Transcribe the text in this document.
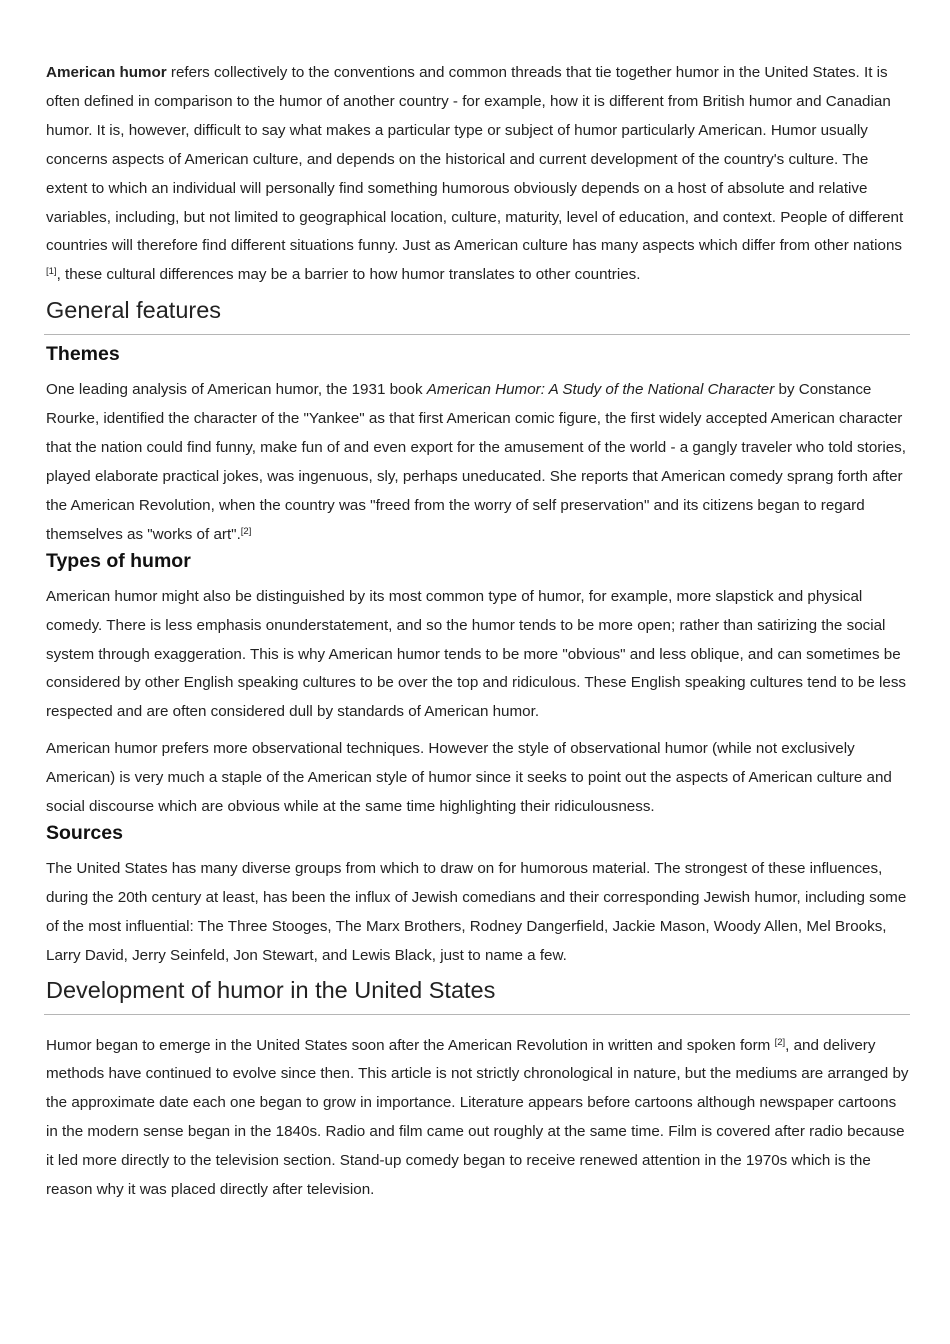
American humor refers collectively to the conventions and common threads that tie together humor in the United States. It is often defined in comparison to the humor of another country - for example, how it is different from British humor and Canadian humor. It is, however, difficult to say what makes a particular type or subject of humor particularly American. Humor usually concerns aspects of American culture, and depends on the historical and current development of the country's culture. The extent to which an individual will personally find something humorous obviously depends on a host of absolute and relative variables, including, but not limited to geographical location, culture, maturity, level of education, and context. People of different countries will therefore find different situations funny. Just as American culture has many aspects which differ from other nations [1], these cultural differences may be a barrier to how humor translates to other countries.

General features
Themes

One leading analysis of American humor, the 1931 book American Humor: A Study of the National Character by Constance Rourke, identified the character of the "Yankee" as that first American comic figure, the first widely accepted American character that the nation could find funny, make fun of and even export for the amusement of the world - a gangly traveler who told stories, played elaborate practical jokes, was ingenuous, sly, perhaps uneducated. She reports that American comedy sprang forth after the American Revolution, when the country was "freed from the worry of self preservation" and its citizens began to regard themselves as "works of art".[2]

Types of humor

American humor might also be distinguished by its most common type of humor, for example, more slapstick and physical comedy. There is less emphasis onunderstatement, and so the humor tends to be more open; rather than satirizing the social system through exaggeration. This is why American humor tends to be more "obvious" and less oblique, and can sometimes be considered by other English speaking cultures to be over the top and ridiculous. These English speaking cultures tend to be less respected and are often considered dull by standards of American humor.

American humor prefers more observational techniques. However the style of observational humor (while not exclusively American) is very much a staple of the American style of humor since it seeks to point out the aspects of American culture and social discourse which are obvious while at the same time highlighting their ridiculousness.

Sources

The United States has many diverse groups from which to draw on for humorous material. The strongest of these influences, during the 20th century at least, has been the influx of Jewish comedians and their corresponding Jewish humor, including some of the most influential: The Three Stooges, The Marx Brothers, Rodney Dangerfield, Jackie Mason, Woody Allen, Mel Brooks, Larry David, Jerry Seinfeld, Jon Stewart, and Lewis Black, just to name a few.

Development of humor in the United States

Humor began to emerge in the United States soon after the American Revolution in written and spoken form [2], and delivery methods have continued to evolve since then. This article is not strictly chronological in nature, but the mediums are arranged by the approximate date each one began to grow in importance. Literature appears before cartoons although newspaper cartoons in the modern sense began in the 1840s. Radio and film came out roughly at the same time. Film is covered after radio because it led more directly to the television section. Stand-up comedy began to receive renewed attention in the 1970s which is the reason why it was placed directly after television.
